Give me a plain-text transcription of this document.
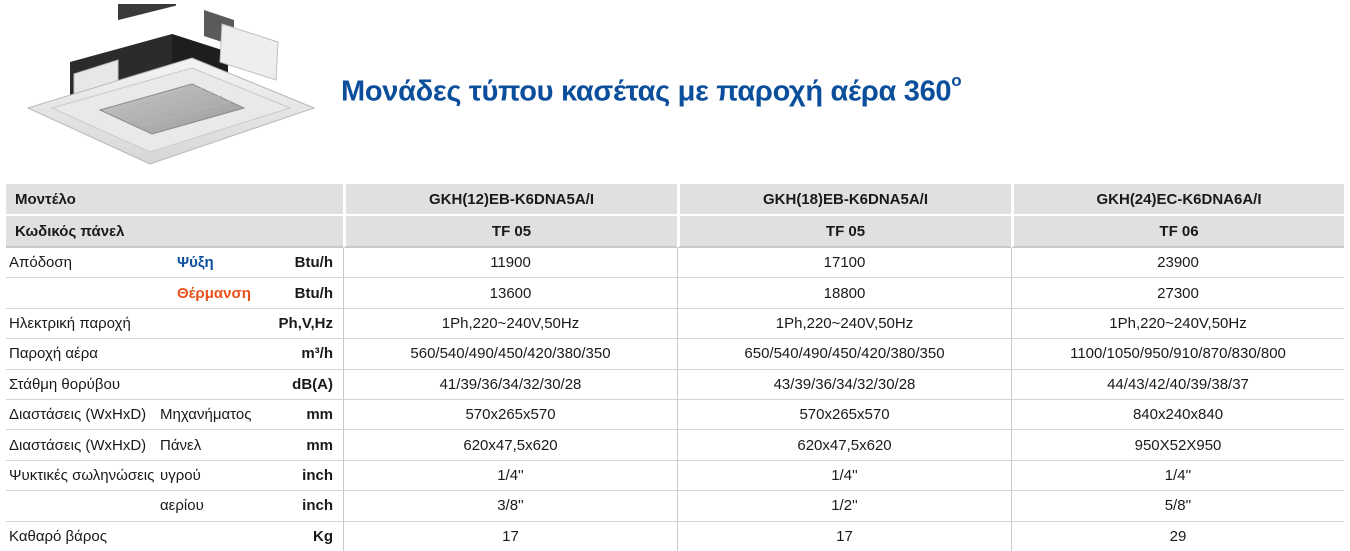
Μονάδες τύπου κασέτας με παροχή αέρα 360$^o$
Μοντέλο			GKH(12)EB-K6DNA5A/I	GKH(18)EB-K6DNA5A/I	GKH(24)EC-K6DNA6A/I
Κωδικός πάνελ			TF 05	TF 05	TF 06
Απόδοση	Ψύξη	Btu/h	11900	17100	23900
	Θέρμανση	Btu/h	13600	18800	27300
Ηλεκτρική παροχή		Ph,V,Hz	1Ph,220~240V,50Hz	1Ph,220~240V,50Hz	1Ph,220~240V,50Hz
Παροχή αέρα		m³/h	560/540/490/450/420/380/350	650/540/490/450/420/380/350	1100/1050/950/910/870/830/800
Στάθμη θορύβου		dB(A)	41/39/36/34/32/30/28	43/39/36/34/32/30/28	44/43/42/40/39/38/37
Διαστάσεις (WxHxD)	Μηχανήματος	mm	570x265x570	570x265x570	840x240x840
Διαστάσεις (WxHxD)	Πάνελ	mm	620x47,5x620	620x47,5x620	950X52X950
Ψυκτικές σωληνώσεις	υγρού	inch	1/4''	1/4''	1/4''
	αερίου	inch	3/8''	1/2''	5/8''
Καθαρό βάρος		Kg	17	17	29
